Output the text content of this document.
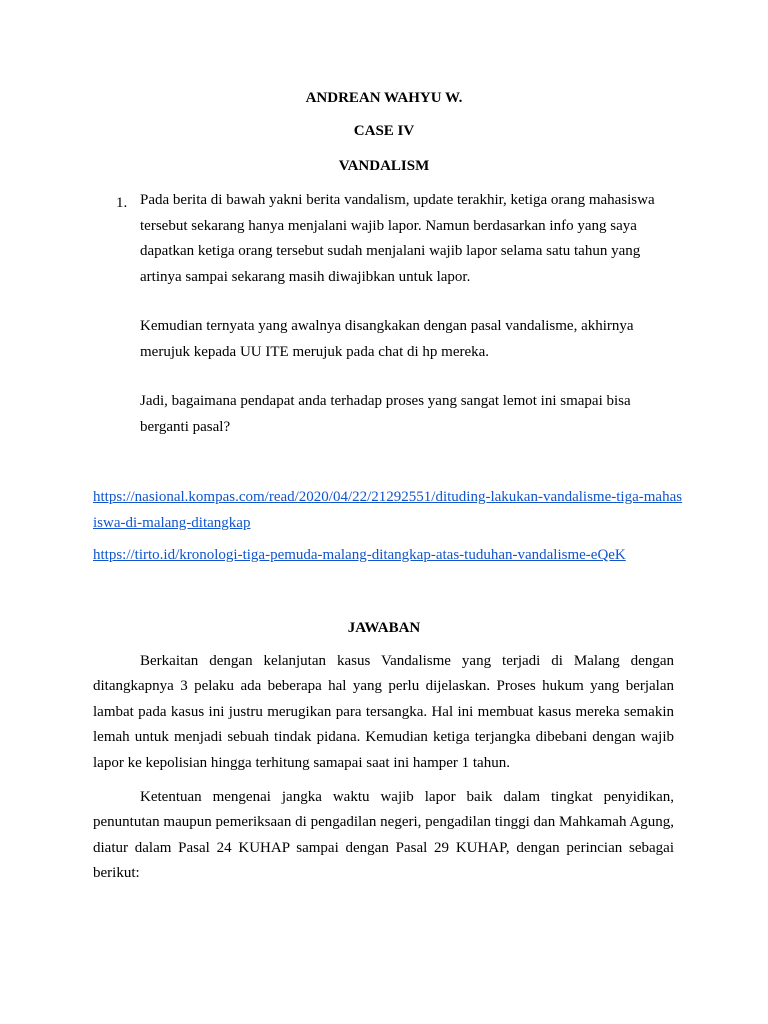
ANDREAN WAHYU W.
CASE IV
VANDALISM
1. Pada berita di bawah yakni berita vandalism, update terakhir, ketiga orang mahasiswa tersebut sekarang hanya menjalani wajib lapor. Namun berdasarkan info yang saya dapatkan ketiga orang tersebut sudah menjalani wajib lapor selama satu tahun yang artinya sampai sekarang masih diwajibkan untuk lapor.
Kemudian ternyata yang awalnya disangkakan dengan pasal vandalisme, akhirnya merujuk kepada UU ITE merujuk pada chat di hp mereka.
Jadi, bagaimana pendapat anda terhadap proses yang sangat lemot ini smapai bisa berganti pasal?
https://nasional.kompas.com/read/2020/04/22/21292551/dituding-lakukan-vandalisme-tiga-mahasiswa-di-malang-ditangkap
https://tirto.id/kronologi-tiga-pemuda-malang-ditangkap-atas-tuduhan-vandalisme-eQeK
JAWABAN
Berkaitan dengan kelanjutan kasus Vandalisme yang terjadi di Malang dengan ditangkapnya 3 pelaku ada beberapa hal yang perlu dijelaskan. Proses hukum yang berjalan lambat pada kasus ini justru merugikan para tersangka. Hal ini membuat kasus mereka semakin lemah untuk menjadi sebuah tindak pidana. Kemudian ketiga terjangka dibebani dengan wajib lapor ke kepolisian hingga terhitung samapai saat ini hamper 1 tahun.
Ketentuan mengenai jangka waktu wajib lapor baik dalam tingkat penyidikan, penuntutan maupun pemeriksaan di pengadilan negeri, pengadilan tinggi dan Mahkamah Agung, diatur dalam Pasal 24 KUHAP sampai dengan Pasal 29 KUHAP, dengan perincian sebagai berikut:
